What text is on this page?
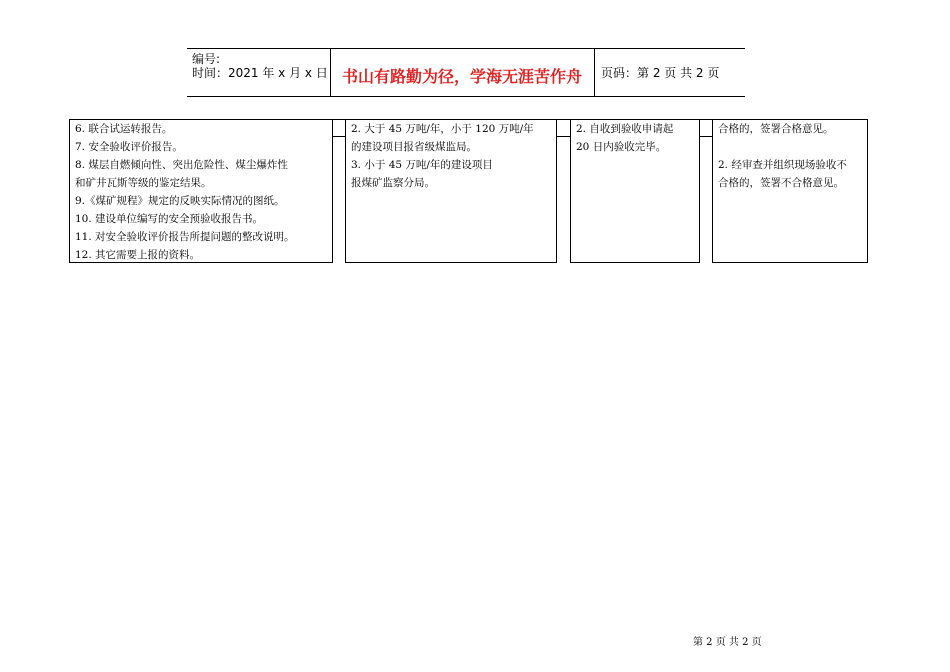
编号:
时间：2021 年 x 月 x 日 书山有路勤为径，学海无涯苦作舟	页码：第 2 页 共 2 页

6. 联合试运转报告。

7. 安全验收评价报告。

8. 煤层自燃倾向性、突出危险性、煤尘爆炸性

和矿井瓦斯等级的鉴定结果。

9.《煤矿规程》规定的反映实际情况的图纸。

10. 建设单位编写的安全预验收报告书。

11. 对安全验收评价报告所提问题的整改说明。

12. 其它需要上报的资料。

2. 大于 45 万吨/年，小于 120 万吨/年

的建设项目报省级煤监局。

3. 小于 45 万吨/年的建设项目

报煤矿监察分局。

2. 自收到验收申请起

20 日内验收完毕。

合格的，签署合格意见。

2. 经审查并组织现场验收不

合格的，签署不合格意见。

第 2 页 共 2 页
